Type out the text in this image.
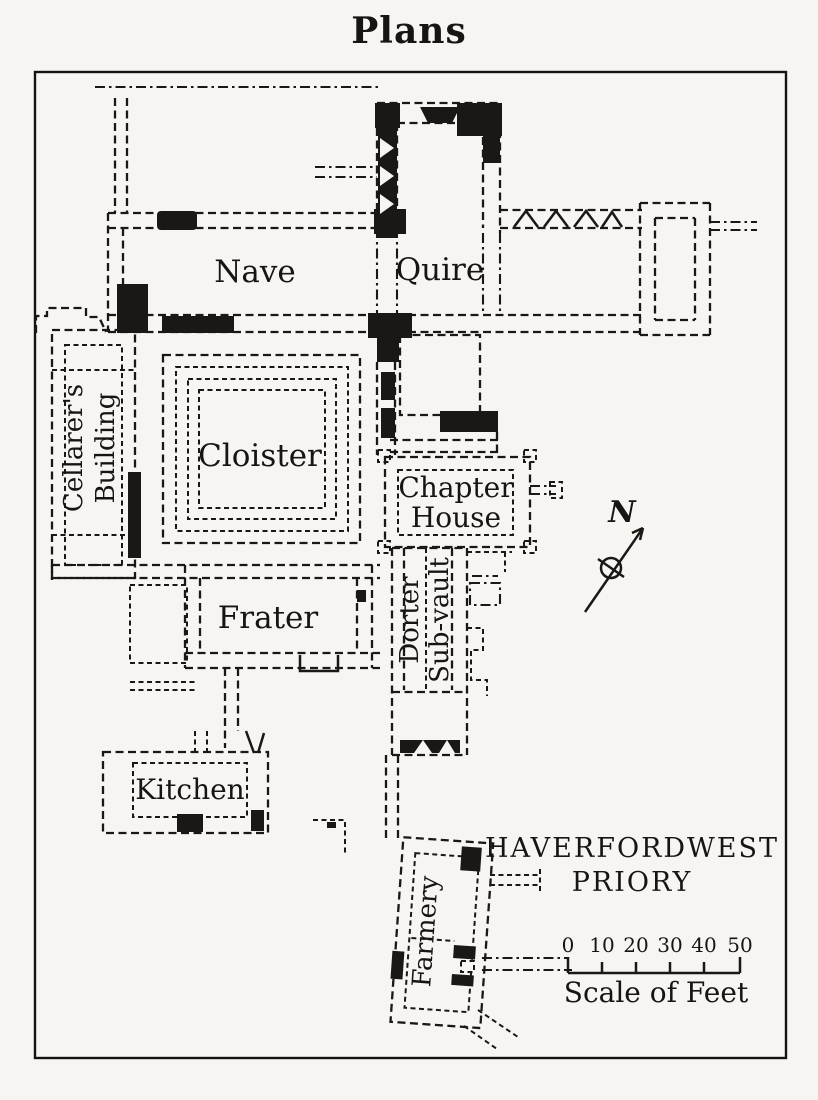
Plans
N
Nave	Quire
Cloister
Cellarer's Building	Chapter
House
Frater	Dorter Sub-vault
Kitchen
Farmery
HAVERFORDWEST
PRIORY
0 10 20 30 40 50
Scale of Feet
